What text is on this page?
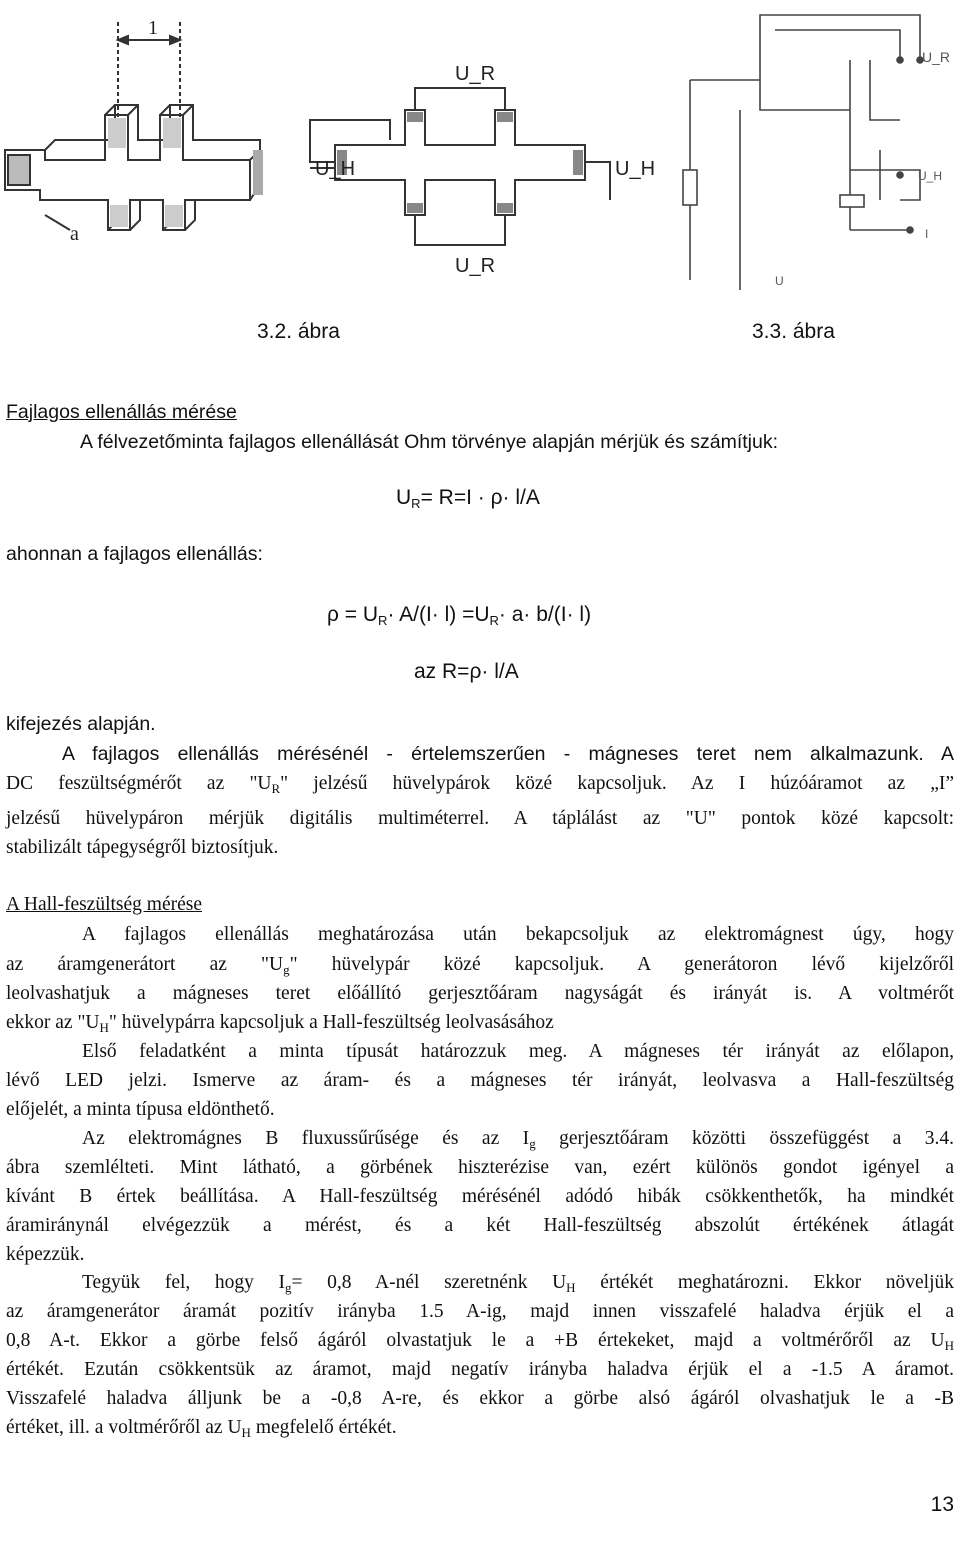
1
a
U_R
U_H	U_H
U_R
U_R
U_H
I
U
3.2. ábra	3.3. ábra
Fajlagos ellenállás mérése
A félvezetőminta fajlagos ellenállását Ohm törvénye alapján mérjük és számítjuk:
$U_R= R=I \cdot \rho\cdot l/A$
ahonnan a fajlagos ellenállás:
$\rho = U_R\cdot A/(I\cdot l) =U_R\cdot a\cdot b/(I\cdot l)$
az R=ρ· l/A
kifejezés alapján.
A fajlagos ellenállás mérésénél - értelemszerűen - mágneses teret nem alkalmazunk. A
DC feszültségmérőt az "$U_R$" jelzésű hüvelypárok közé kapcsoljuk. Az I húzóáramot az „I”
jelzésű hüvelypáron mérjük digitális multiméterrel. A táplálást az "U" pontok közé kapcsolt:
stabilizált tápegységről biztosítjuk.
A Hall-feszültség mérése
A fajlagos ellenállás meghatározása után bekapcsoljuk az elektromágnest úgy, hogy
az áramgenerátort az "$U_g$" hüvelypár közé kapcsoljuk. A generátoron lévő kijelzőről
leolvashatjuk a mágneses teret előállító gerjesztőáram nagyságát és irányát is. A voltmérőt
ekkor az "$U_H$" hüvelypárra kapcsoljuk a Hall-feszültség leolvasásához
Első feladatként a minta típusát határozzuk meg. A mágneses tér irányát az előlapon,
lévő LED jelzi. Ismerve az áram- és a mágneses tér irányát, leolvasva a Hall-feszültség
előjelét, a minta típusa eldönthető.
Az elektromágnes B fluxussűrűsége és az $I_g$ gerjesztőáram közötti összefüggést a 3.4.
ábra szemlélteti. Mint látható, a görbének hiszterézise van, ezért különös gondot igényel a
kívánt B értek beállítása. A Hall-feszültség mérésénél adódó hibák csökkenthetők, ha mindkét
áramiránynál elvégezzük a mérést, és a két Hall-feszültség abszolút értékének átlagát
képezzük.
Tegyük fel, hogy $I_g= 0,8$ A-nél szeretnénk $U_H$ értékét meghatározni. Ekkor növeljük
az áramgenerátor áramát pozitív irányba 1.5 A-ig, majd innen visszafelé haladva érjük el a
0,8 A-t. Ekkor a görbe felső ágáról olvastatjuk le a +B értekeket, majd a voltmérőről az $U_H$
értékét. Ezután csökkentsük az áramot, majd negatív irányba haladva érjük el a -1.5 A áramot.
Visszafelé haladva álljunk be a -0,8 A-re, és ekkor a görbe alsó ágáról olvashatjuk le a -B
értéket, ill. a voltmérőről az $U_H$ megfelelő értékét.
13
